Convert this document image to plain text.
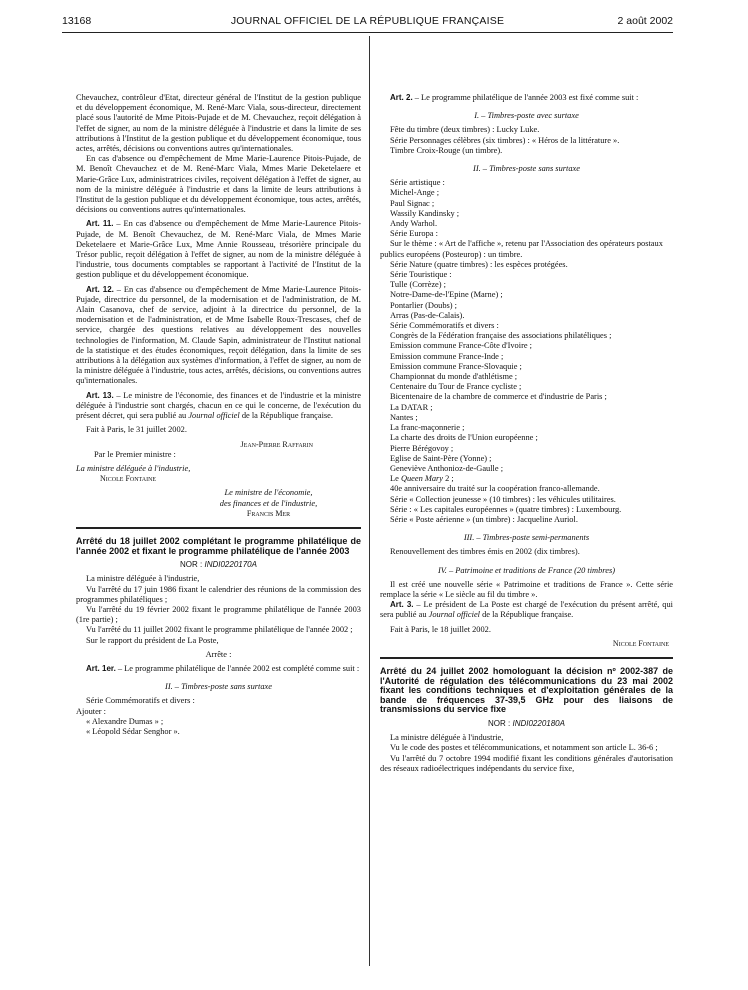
13168	JOURNAL OFFICIEL DE LA RÉPUBLIQUE FRANÇAISE	2 août 2002

Chevauchez, contrôleur d'Etat, directeur général de l'Institut de la gestion publique et du développement économique, M. René-Marc Viala, sous-directeur, directement placé sous l'autorité de Mme Pitois-Pujade et de M. Chevauchez, reçoit délégation à l'effet de signer, au nom de la ministre déléguée à l'industrie et dans la limite de ses attributions à l'Institut de la gestion publique et du développement économique, tous actes, arrêtés, décisions ou conventions autres qu'internationales.

En cas d'absence ou d'empêchement de Mme Marie-Laurence Pitois-Pujade, de M. Benoît Chevauchez et de M. René-Marc Viala, Mmes Marie Deketelaere et Marie-Grâce Lux, administratrices civiles, reçoivent délégation à l'effet de signer, au nom de la ministre déléguée à l'industrie et dans la limite de leurs attributions à l'Institut de la gestion publique et du développement économique, tous actes, arrêtés, décisions ou conventions autres qu'internationales.

Art. 11. – En cas d'absence ou d'empêchement de Mme Marie-Laurence Pitois-Pujade, de M. Benoît Chevauchez, de M. René-Marc Viala, de Mmes Marie Deketelaere et Marie-Grâce Lux, Mme Annie Rousseau, trésorière principale du Trésor public, reçoit délégation à l'effet de signer, au nom de la ministre déléguée à l'industrie, tous documents comptables se rapportant à l'activité de l'Institut de la gestion publique et du développement économique.

Art. 12. – En cas d'absence ou d'empêchement de Mme Marie-Laurence Pitois-Pujade, directrice du personnel, de la modernisation et de l'administration, de M. Alain Casanova, chef de service, adjoint à la directrice du personnel, de la modernisation et de l'administration, et de Mme Isabelle Roux-Trescases, chef de service, chargée des questions relatives au développement des nouvelles technologies de l'information, M. Claude Sapin, administrateur de l'Institut national de la statistique et des études économiques, reçoit délégation, dans la limite de ses attributions à la délégation aux systèmes d'information, à l'effet de signer, au nom de la ministre déléguée à l'industrie, tous actes, arrêtés, décisions, ou conventions autres qu'internationales.

Art. 13. – Le ministre de l'économie, des finances et de l'industrie et la ministre déléguée à l'industrie sont chargés, chacun en ce qui le concerne, de l'exécution du présent décret, qui sera publié au Journal officiel de la République française.

Fait à Paris, le 31 juillet 2002.

Jean-Pierre Raffarin

Par le Premier ministre :

La ministre déléguée à l'industrie,

Nicole Fontaine

Le ministre de l'économie,

des finances et de l'industrie,

Francis Mer

Arrêté du 18 juillet 2002 complétant le programme philatélique de l'année 2002 et fixant le programme philatélique de l'année 2003

NOR : INDI0220170A

La ministre déléguée à l'industrie,

Vu l'arrêté du 17 juin 1986 fixant le calendrier des réunions de la commission des programmes philatéliques ;

Vu l'arrêté du 19 février 2002 fixant le programme philatélique de l'année 2003 (1re partie) ;

Vu l'arrêté du 11 juillet 2002 fixant le programme philatélique de l'année 2002 ;

Sur le rapport du président de La Poste,

Arrête :

Art. 1er. – Le programme philatélique de l'année 2002 est complété comme suit :

II. – Timbres-poste sans surtaxe

Série Commémoratifs et divers :

Ajouter :

« Alexandre Dumas » ;

« Léopold Sédar Senghor ».

Art. 2. – Le programme philatélique de l'année 2003 est fixé comme suit :

I. – Timbres-poste avec surtaxe

Fête du timbre (deux timbres) : Lucky Luke.

Série Personnages célèbres (six timbres) : « Héros de la littérature ».

Timbre Croix-Rouge (un timbre).

II. – Timbres-poste sans surtaxe

Série artistique :

Michel-Ange ;

Paul Signac ;

Wassily Kandinsky ;

Andy Warhol.

Série Europa :

Sur le thème : « Art de l'affiche », retenu par l'Association des opérateurs postaux publics européens (Posteurop) : un timbre.

Série Nature (quatre timbres) : les espèces protégées.

Série Touristique :

Tulle (Corrèze) ;

Notre-Dame-de-l'Epine (Marne) ;

Pontarlier (Doubs) ;

Arras (Pas-de-Calais).

Série Commémoratifs et divers :

Congrès de la Fédération française des associations philatéliques ;

Emission commune France-Côte d'Ivoire ;

Emission commune France-Inde ;

Emission commune France-Slovaquie ;

Championnat du monde d'athlétisme ;

Centenaire du Tour de France cycliste ;

Bicentenaire de la chambre de commerce et d'industrie de Paris ;

La DATAR ;

Nantes ;

La franc-maçonnerie ;

La charte des droits de l'Union européenne ;

Pierre Bérégovoy ;

Eglise de Saint-Père (Yonne) ;

Geneviève Anthonioz-de-Gaulle ;

Le Queen Mary 2 ;

40e anniversaire du traité sur la coopération franco-allemande.

Série « Collection jeunesse » (10 timbres) : les véhicules utilitaires.

Série : « Les capitales européennes » (quatre timbres) : Luxembourg.

Série « Poste aérienne » (un timbre) : Jacqueline Auriol.

III. – Timbres-poste semi-permanents

Renouvellement des timbres émis en 2002 (dix timbres).

IV. – Patrimoine et traditions de France (20 timbres)

Il est créé une nouvelle série « Patrimoine et traditions de France ». Cette série remplace la série « Le siècle au fil du timbre ».

Art. 3. – Le président de La Poste est chargé de l'exécution du présent arrêté, qui sera publié au Journal officiel de la République française.

Fait à Paris, le 18 juillet 2002.

Nicole Fontaine

Arrêté du 24 juillet 2002 homologuant la décision nº 2002-387 de l'Autorité de régulation des télécommunications du 23 mai 2002 fixant les conditions techniques et d'exploitation générales de la bande de fréquences 37-39,5 GHz pour des liaisons de transmissions du service fixe

NOR : INDI0220180A

La ministre déléguée à l'industrie,

Vu le code des postes et télécommunications, et notamment son article L. 36-6 ;

Vu l'arrêté du 7 octobre 1994 modifié fixant les conditions générales d'autorisation des réseaux radioélectriques indépendants du service fixe,
